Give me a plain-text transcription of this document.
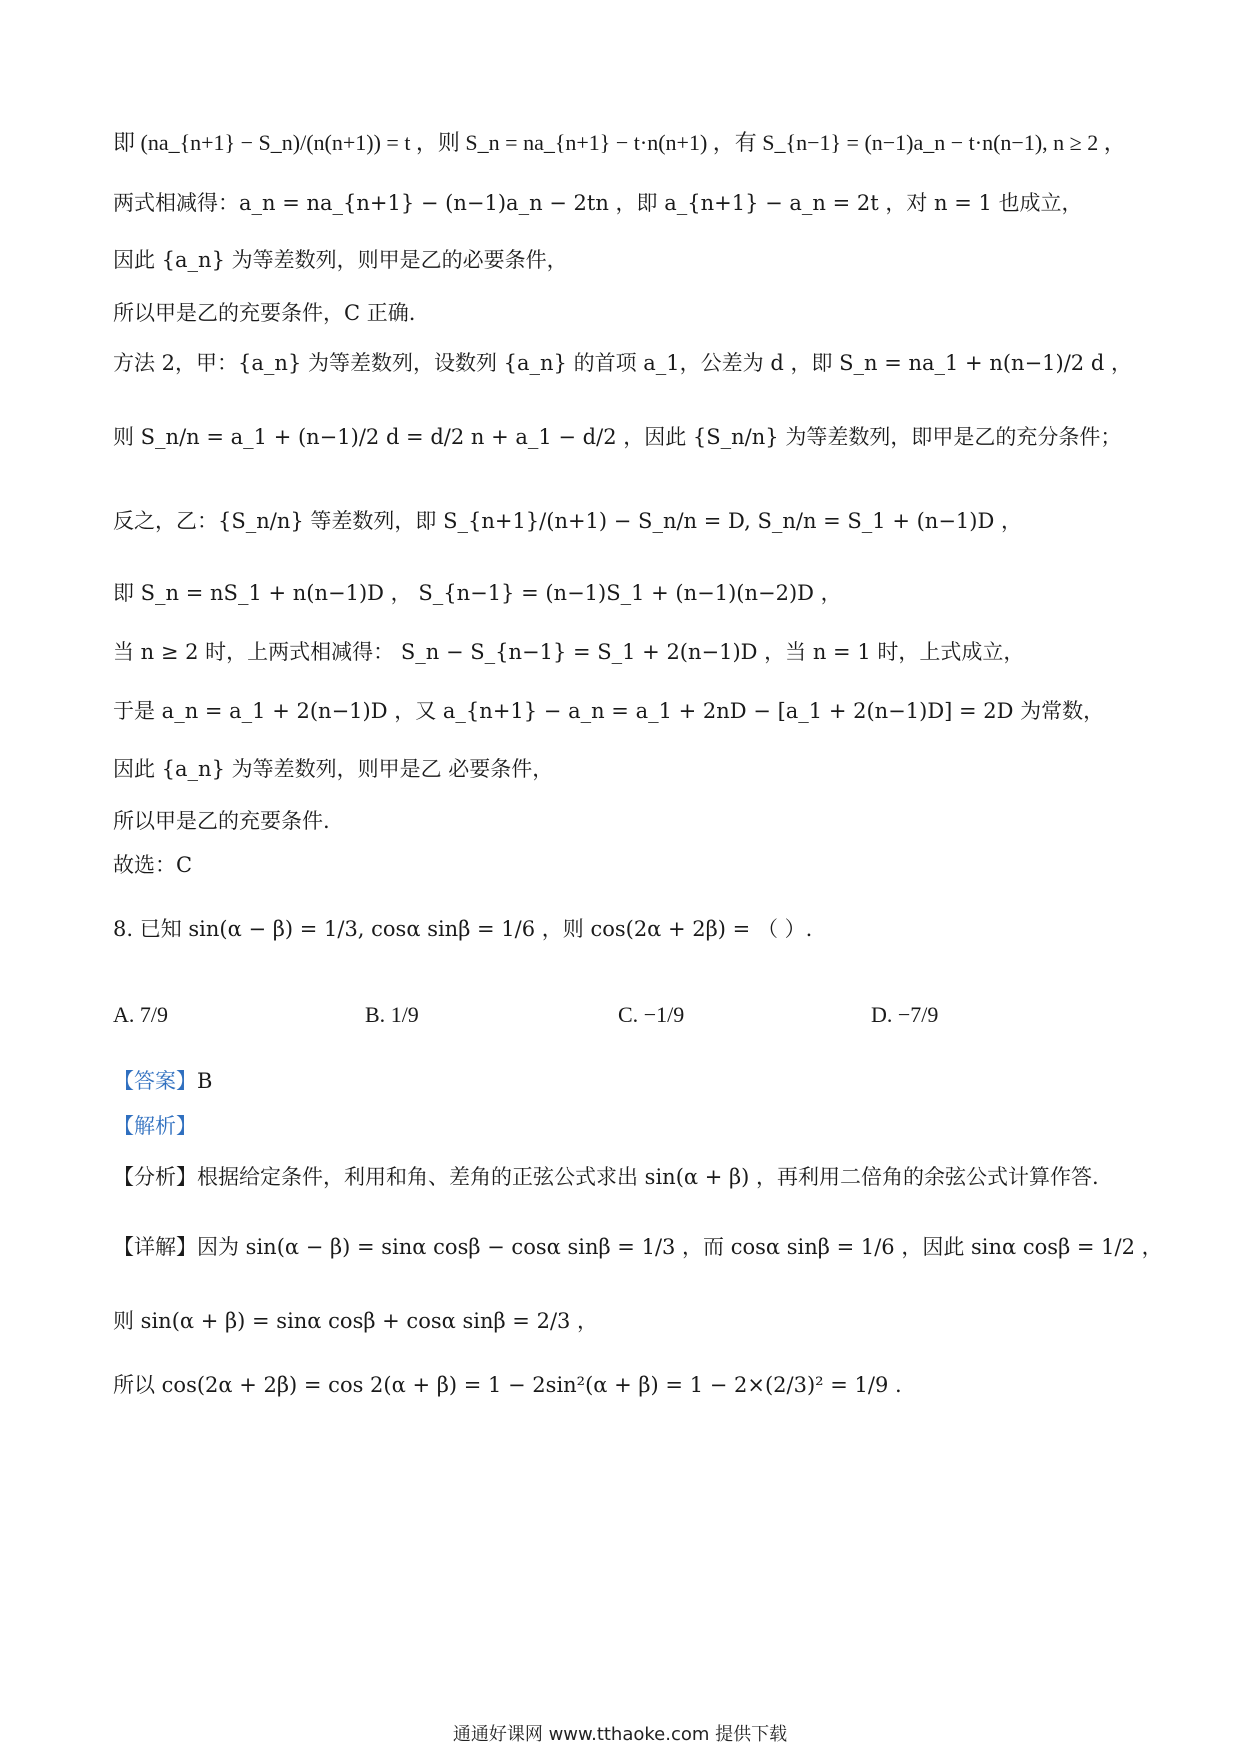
即 (na_{n+1} − S_n)/(n(n+1)) = t ，则 S_n = na_{n+1} − t·n(n+1) ，有 S_{n−1} = (n−1)a_n − t·n(n−1), n ≥ 2 ，
两式相减得：a_n = na_{n+1} − (n−1)a_n − 2tn ，即 a_{n+1} − a_n = 2t ，对 n = 1 也成立，
因此 {a_n} 为等差数列，则甲是乙的必要条件，
所以甲是乙的充要条件，C 正确.
方法 2，甲：{a_n} 为等差数列，设数列 {a_n} 的首项 a_1，公差为 d ，即 S_n = na_1 + n(n−1)/2 d ，
则 S_n/n = a_1 + (n−1)/2 d = d/2 n + a_1 − d/2 ，因此 {S_n/n} 为等差数列，即甲是乙的充分条件；
反之，乙：{S_n/n} 等差数列，即 S_{n+1}/(n+1) − S_n/n = D, S_n/n = S_1 + (n−1)D ，
即 S_n = nS_1 + n(n−1)D ， S_{n−1} = (n−1)S_1 + (n−1)(n−2)D ，
当 n ≥ 2 时，上两式相减得： S_n − S_{n−1} = S_1 + 2(n−1)D ，当 n = 1 时，上式成立，
于是 a_n = a_1 + 2(n−1)D ，又 a_{n+1} − a_n = a_1 + 2nD − [a_1 + 2(n−1)D] = 2D 为常数，
因此 {a_n} 为等差数列，则甲是乙 必要条件，
所以甲是乙的充要条件.
故选：C
8. 已知 sin(α − β) = 1/3, cosα sinβ = 1/6 ，则 cos(2α + 2β) = （ ）.
A. 7/9	B. 1/9	C. −1/9	D. −7/9
【答案】B
【解析】
【分析】根据给定条件，利用和角、差角的正弦公式求出 sin(α + β) ，再利用二倍角的余弦公式计算作答.
【详解】因为 sin(α − β) = sinα cosβ − cosα sinβ = 1/3 ，而 cosα sinβ = 1/6 ，因此 sinα cosβ = 1/2 ，
则 sin(α + β) = sinα cosβ + cosα sinβ = 2/3 ，
所以 cos(2α + 2β) = cos 2(α + β) = 1 − 2sin²(α + β) = 1 − 2×(2/3)² = 1/9 .
通通好课网 www.tthaoke.com 提供下载
